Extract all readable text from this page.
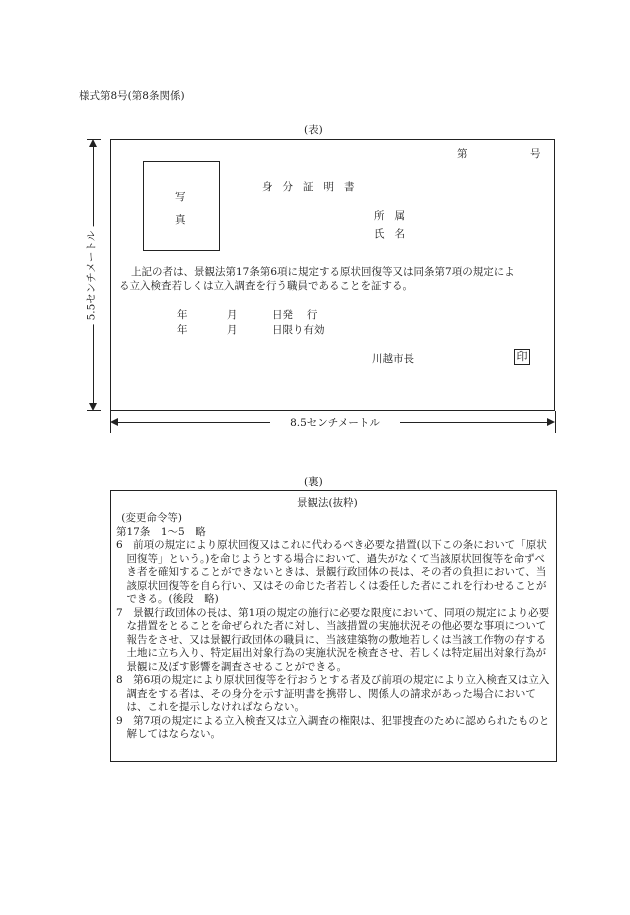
様式第8号(第8条関係)
(表)
第	号
写
真
身分証明書
所属
氏名
上記の者は、景観法第17条第6項に規定する原状回復等又は同条第7項の規定によ
る立入検査若しくは立入調査を行う職員であることを証する。
年	月	日発　 行
年	月	日限り有効
川越市長	印
5.5センチメートル
8.5センチメートル
(裏)
景観法(抜粋)

(変更命令等)

第17条　1～5　略

6　前項の規定により原状回復又はこれに代わるべき必要な措置(以下この条において「原状回復等」という。)を命じようとする場合において、過失がなくて当該原状回復等を命ずべき者を確知することができないときは、景観行政団体の長は、その者の負担において、当該原状回復等を自ら行い、又はその命じた者若しくは委任した者にこれを行わせることができる。(後段　略)

7　景観行政団体の長は、第1項の規定の施行に必要な限度において、同項の規定により必要な措置をとることを命ぜられた者に対し、当該措置の実施状況その他必要な事項について報告をさせ、又は景観行政団体の職員に、当該建築物の敷地若しくは当該工作物の存する土地に立ち入り、特定届出対象行為の実施状況を検査させ、若しくは特定届出対象行為が景観に及ぼす影響を調査させることができる。

8　第6項の規定により原状回復等を行おうとする者及び前項の規定により立入検査又は立入調査をする者は、その身分を示す証明書を携帯し、関係人の請求があった場合においては、これを提示しなければならない。

9　第7項の規定による立入検査又は立入調査の権限は、犯罪捜査のために認められたものと解してはならない。
